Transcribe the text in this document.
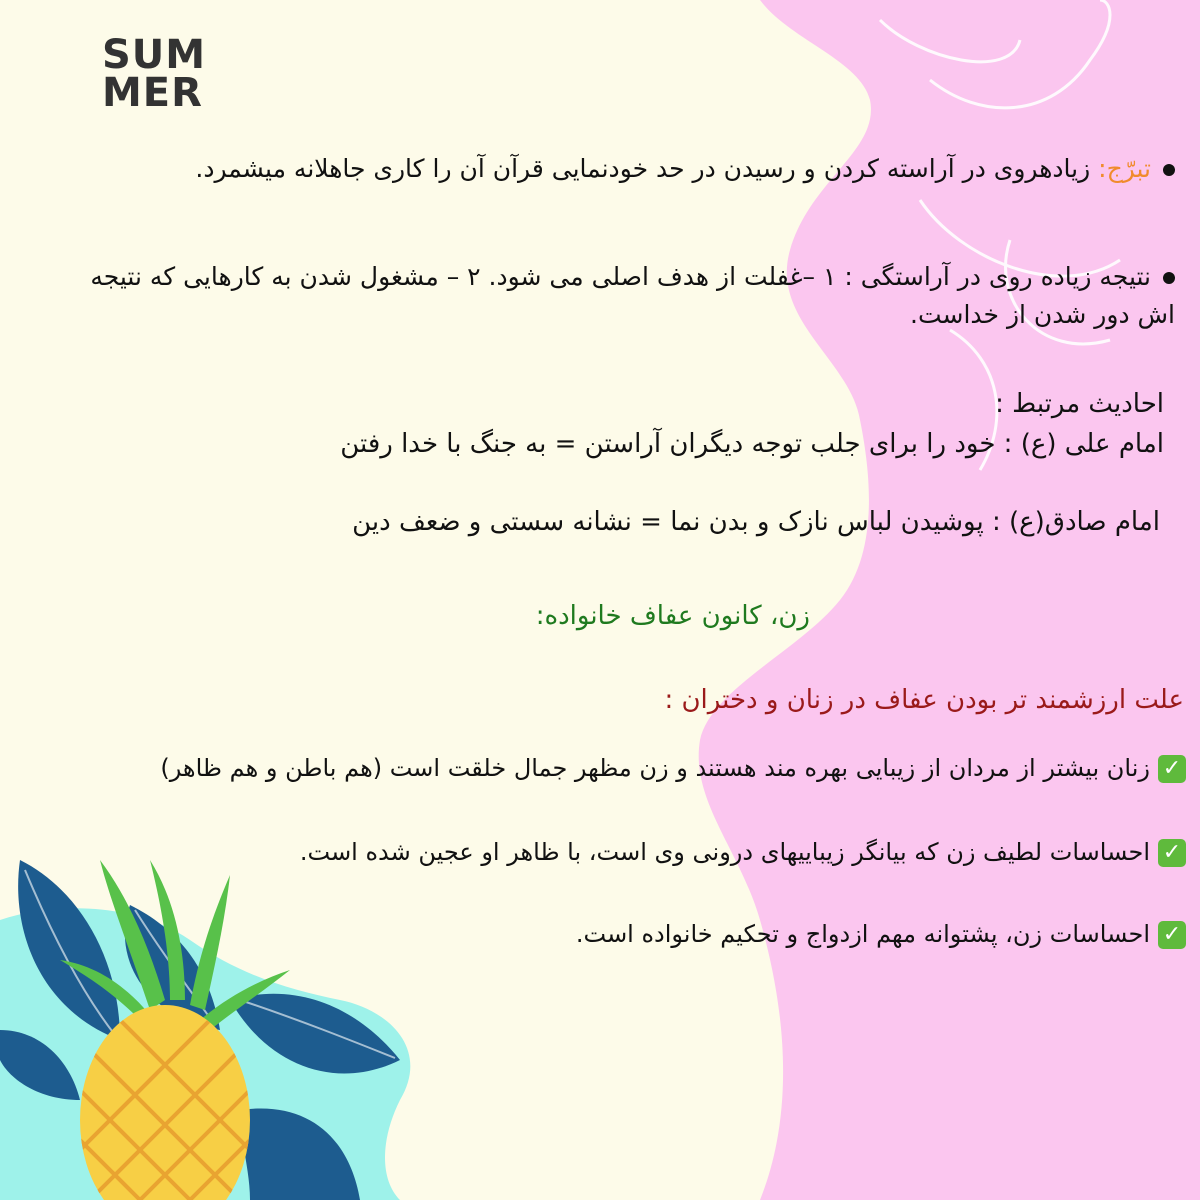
SUM
MER
تبرّج: زیادهروی در آراسته کردن و رسیدن در حد خودنمایی قرآن آن را کاری جاهلانه میشمرد.
نتیجه زیاده روی در آراستگی : ۱ –غفلت از هدف اصلی می شود. ۲ – مشغول شدن به کارهایی که نتیجه اش دور شدن از خداست.
احادیث مرتبط :
امام علی (ع) : خود را برای جلب توجه دیگران آراستن = به جنگ با خدا رفتن
امام صادق(ع) : پوشیدن لباس نازک و بدن نما = نشانه سستی و ضعف دین
زن، کانون عفاف خانواده:
علت ارزشمند تر بودن عفاف در زنان و دختران :
✓زنان بیشتر از مردان از زیبایی بهره مند هستند و زن مظهر جمال خلقت است (هم باطن و هم ظاهر)
✓احساسات لطیف زن که بیانگر زیباییهای درونی وی است، با ظاهر او عجین شده است.
✓احساسات زن، پشتوانه مهم ازدواج و تحکیم خانواده است.
